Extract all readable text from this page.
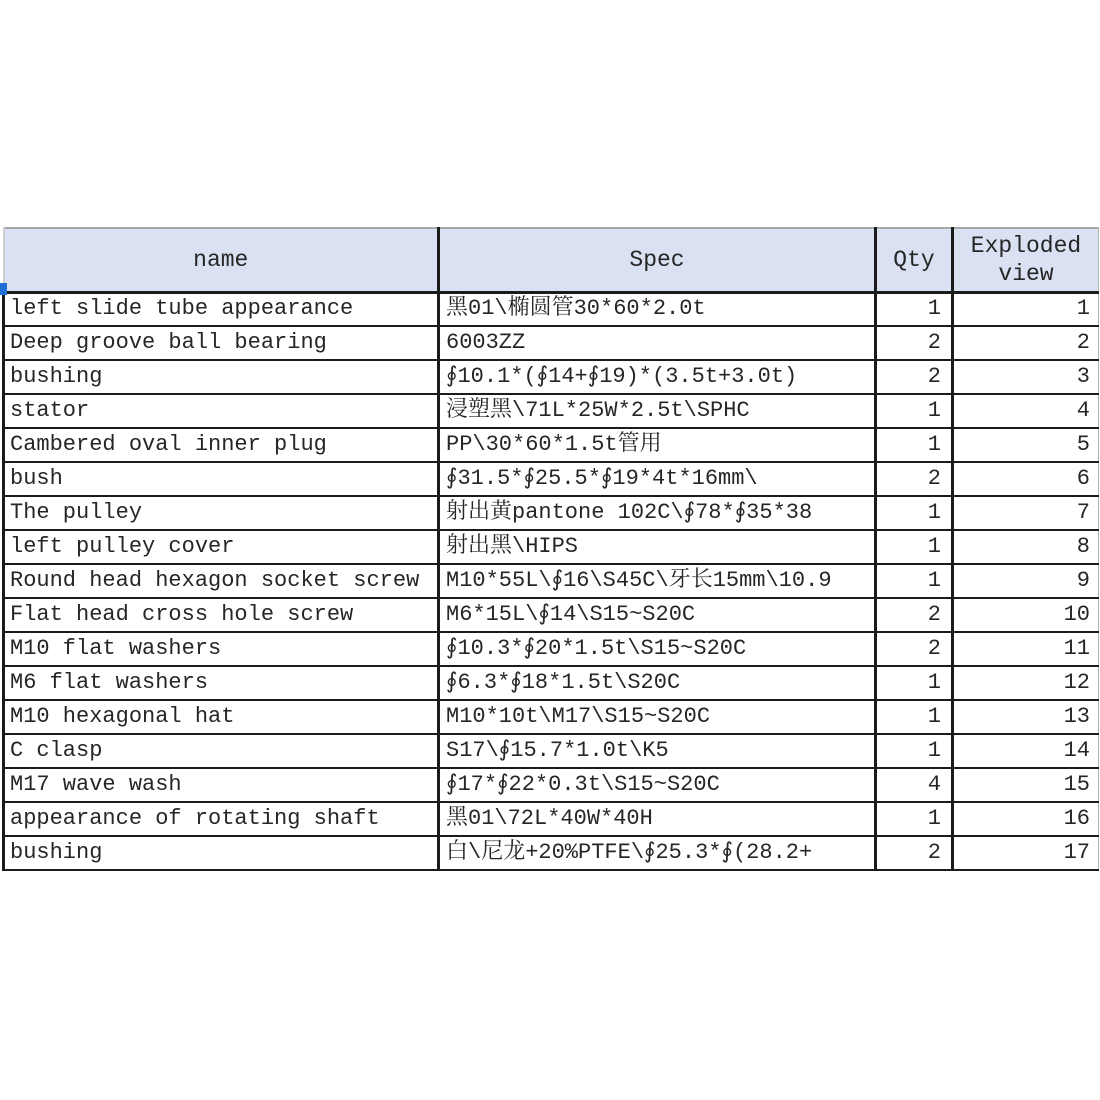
name	Spec	Qty	Exploded view
left slide tube appearance	黑01\椭圆管30*60*2.0t	1	1
Deep groove ball bearing	6003ZZ	2	2
bushing	∮10.1*(∮14+∮19)*(3.5t+3.0t)	2	3
stator	浸塑黑\71L*25W*2.5t\SPHC	1	4
Cambered oval inner plug	PP\30*60*1.5t管用	1	5
bush	∮31.5*∮25.5*∮19*4t*16mm\	2	6
The pulley	射出黄pantone 102C\∮78*∮35*38	1	7
left pulley cover	射出黑\HIPS	1	8
Round head hexagon socket screw	M10*55L\∮16\S45C\牙长15mm\10.9	1	9
Flat head cross hole screw	M6*15L\∮14\S15~S20C	2	10
M10 flat washers	∮10.3*∮20*1.5t\S15~S20C	2	11
M6 flat washers	∮6.3*∮18*1.5t\S20C	1	12
M10 hexagonal hat	M10*10t\M17\S15~S20C	1	13
C clasp	S17\∮15.7*1.0t\K5	1	14
M17 wave wash	∮17*∮22*0.3t\S15~S20C	4	15
appearance of rotating shaft	黑01\72L*40W*40H	1	16
bushing	白\尼龙+20%PTFE\∮25.3*∮(28.2+	2	17
